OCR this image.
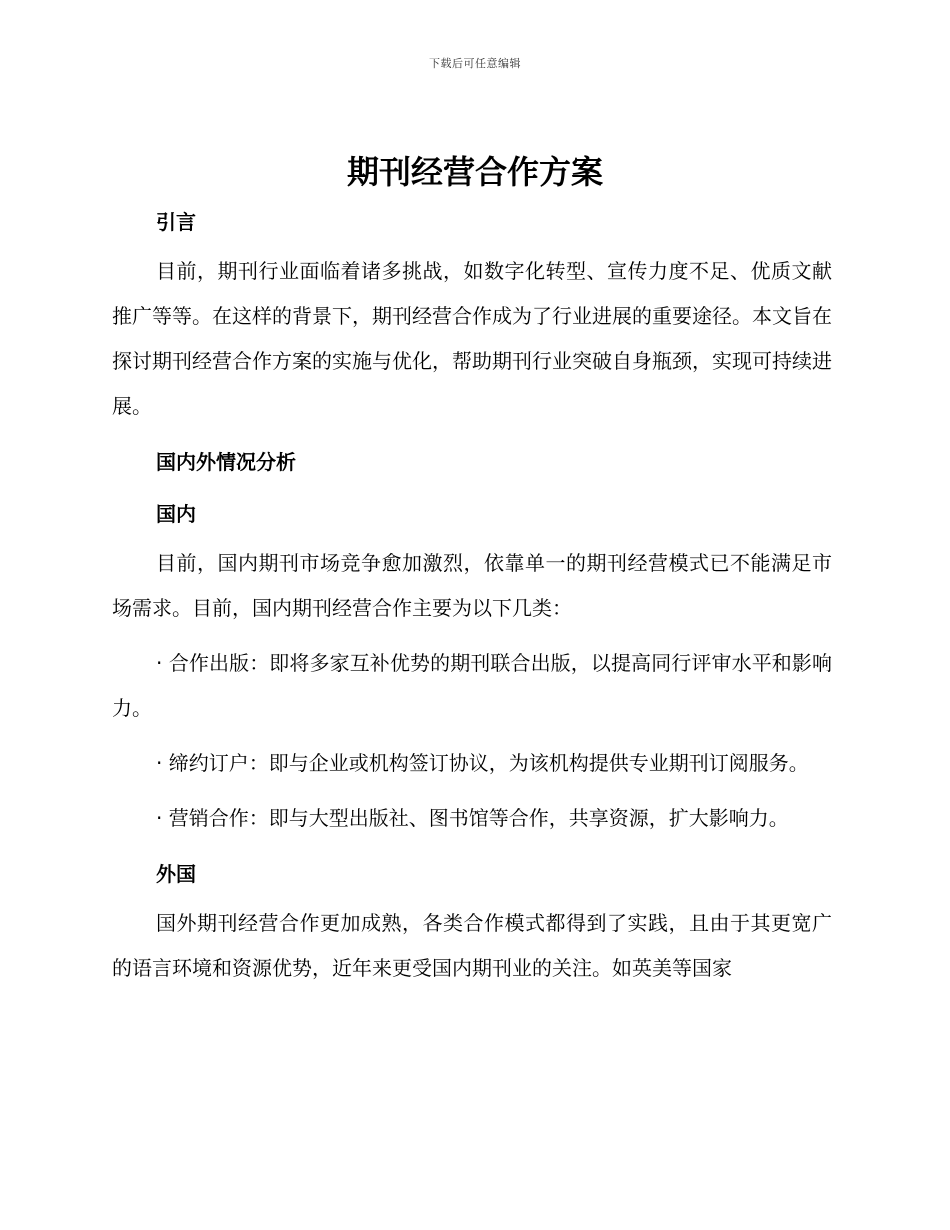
下载后可任意编辑
期刊经营合作方案
引言

目前，期刊行业面临着诸多挑战，如数字化转型、宣传力度不足、优质文献推广等等。在这样的背景下，期刊经营合作成为了行业进展的重要途径。本文旨在探讨期刊经营合作方案的实施与优化，帮助期刊行业突破自身瓶颈，实现可持续进展。

国内外情况分析
国内

目前，国内期刊市场竞争愈加激烈，依靠单一的期刊经营模式已不能满足市场需求。目前，国内期刊经营合作主要为以下几类：

· 合作出版：即将多家互补优势的期刊联合出版，以提高同行评审水平和影响力。

· 缔约订户：即与企业或机构签订协议，为该机构提供专业期刊订阅服务。

· 营销合作：即与大型出版社、图书馆等合作，共享资源，扩大影响力。

外国

国外期刊经营合作更加成熟，各类合作模式都得到了实践，且由于其更宽广的语言环境和资源优势，近年来更受国内期刊业的关注。如英美等国家
